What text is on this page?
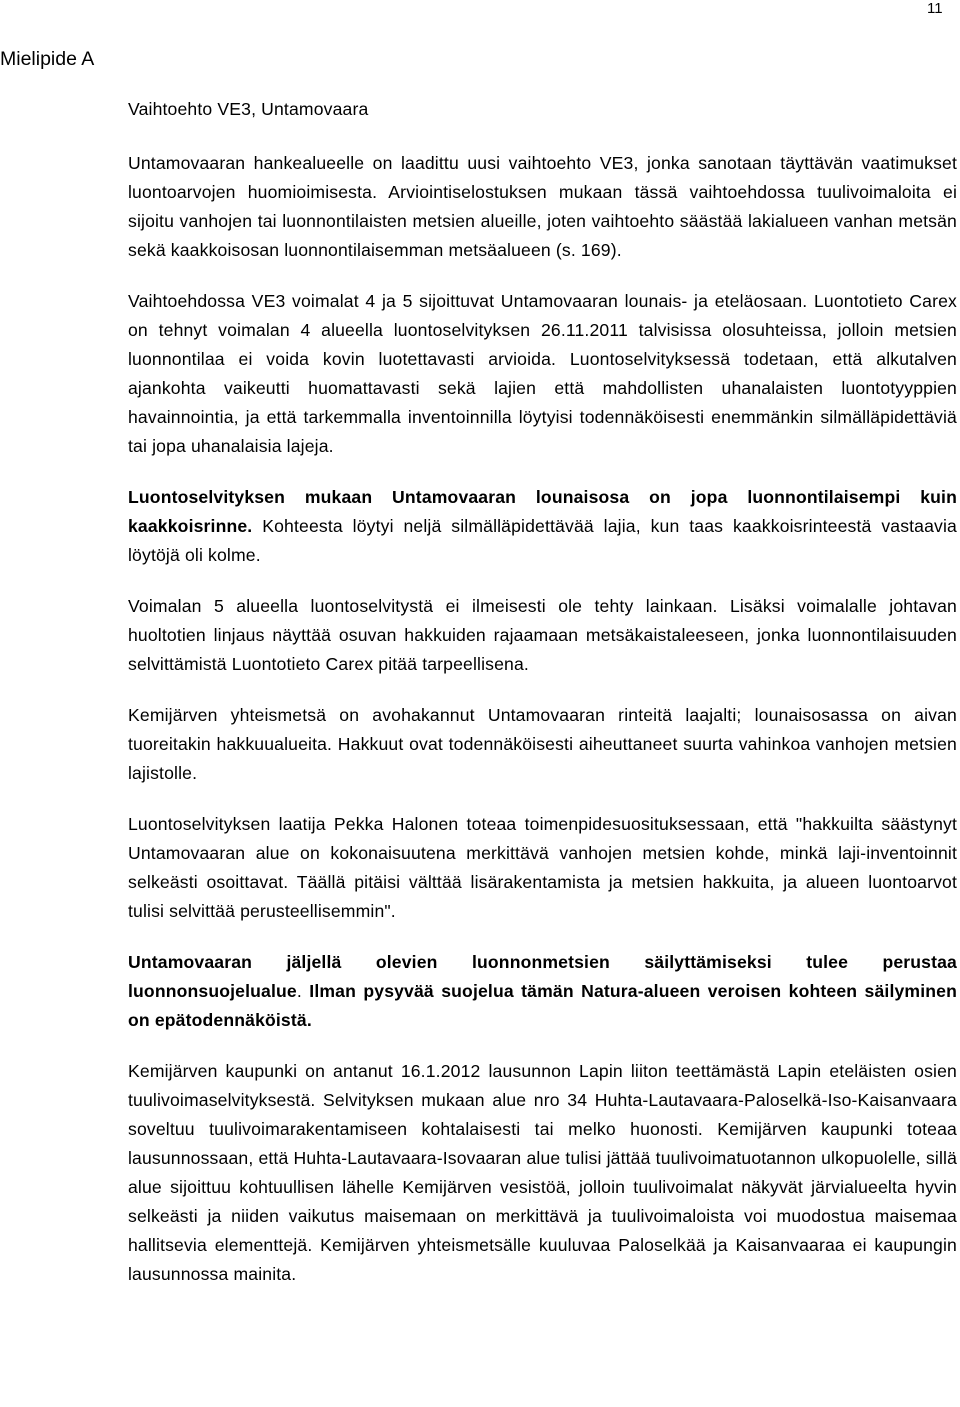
11
Mielipide A

Vaihtoehto VE3, Untamovaara

Untamovaaran hankealueelle on laadittu uusi vaihtoehto VE3, jonka sanotaan täyttävän vaatimukset luontoarvojen huomioimisesta. Arviointiselostuksen mukaan tässä vaihtoehdossa tuulivoimaloita ei sijoitu vanhojen tai luonnontilaisten metsien alueille, joten vaihtoehto säästää lakialueen vanhan metsän sekä kaakkoisosan luonnontilaisemman metsäalueen (s. 169).

Vaihtoehdossa VE3 voimalat 4 ja 5 sijoittuvat Untamovaaran lounais- ja eteläosaan. Luontotieto Carex on tehnyt voimalan 4 alueella luontoselvityksen 26.11.2011 talvisissa olosuhteissa, jolloin metsien luonnontilaa ei voida kovin luotettavasti arvioida. Luontoselvityksessä todetaan, että alkutalven ajankohta vaikeutti huomattavasti sekä lajien että mahdollisten uhanalaisten luontotyyppien havainnointia, ja että tarkemmalla inventoinnilla löytyisi todennäköisesti enemmänkin silmälläpidettäviä tai jopa uhanalaisia lajeja.

Luontoselvityksen mukaan Untamovaaran lounaisosa on jopa luonnontilaisempi kuin kaakkoisrinne. Kohteesta löytyi neljä silmälläpidettävää lajia, kun taas kaakkoisrinteestä vastaavia löytöjä oli kolme.

Voimalan 5 alueella luontoselvitystä ei ilmeisesti ole tehty lainkaan. Lisäksi voimalalle johtavan huoltotien linjaus näyttää osuvan hakkuiden rajaamaan metsäkaistaleeseen, jonka luonnontilaisuuden selvittämistä Luontotieto Carex pitää tarpeellisena.

Kemijärven yhteismetsä on avohakannut Untamovaaran rinteitä laajalti; lounaisosassa on aivan tuoreitakin hakkuualueita. Hakkuut ovat todennäköisesti aiheuttaneet suurta vahinkoa vanhojen metsien lajistolle.

Luontoselvityksen laatija Pekka Halonen toteaa toimenpidesuosituksessaan, että "hakkuilta säästynyt Untamovaaran alue on kokonaisuutena merkittävä vanhojen metsien kohde, minkä laji-inventoinnit selkeästi osoittavat. Täällä pitäisi välttää lisärakentamista ja metsien hakkuita, ja alueen luontoarvot tulisi selvittää perusteellisemmin".

Untamovaaran jäljellä olevien luonnonmetsien säilyttämiseksi tulee perustaa luonnonsuojelualue. Ilman pysyvää suojelua tämän Natura-alueen veroisen kohteen säilyminen on epätodennäköistä.

Kemijärven kaupunki on antanut 16.1.2012 lausunnon Lapin liiton teettämästä Lapin eteläisten osien tuulivoimaselvityksestä. Selvityksen mukaan alue nro 34 Huhta-Lautavaara-Paloselkä-Iso-Kaisanvaara soveltuu tuulivoimarakentamiseen kohtalaisesti tai melko huonosti. Kemijärven kaupunki toteaa lausunnossaan, että Huhta-Lautavaara-Isovaaran alue tulisi jättää tuulivoimatuotannon ulkopuolelle, sillä alue sijoittuu kohtuullisen lähelle Kemijärven vesistöä, jolloin tuulivoimalat näkyvät järvialueelta hyvin selkeästi ja niiden vaikutus maisemaan on merkittävä ja tuulivoimaloista voi muodostua maisemaa hallitsevia elementtejä. Kemijärven yhteismetsälle kuuluvaa Paloselkää ja Kaisanvaaraa ei kaupungin lausunnossa mainita.
